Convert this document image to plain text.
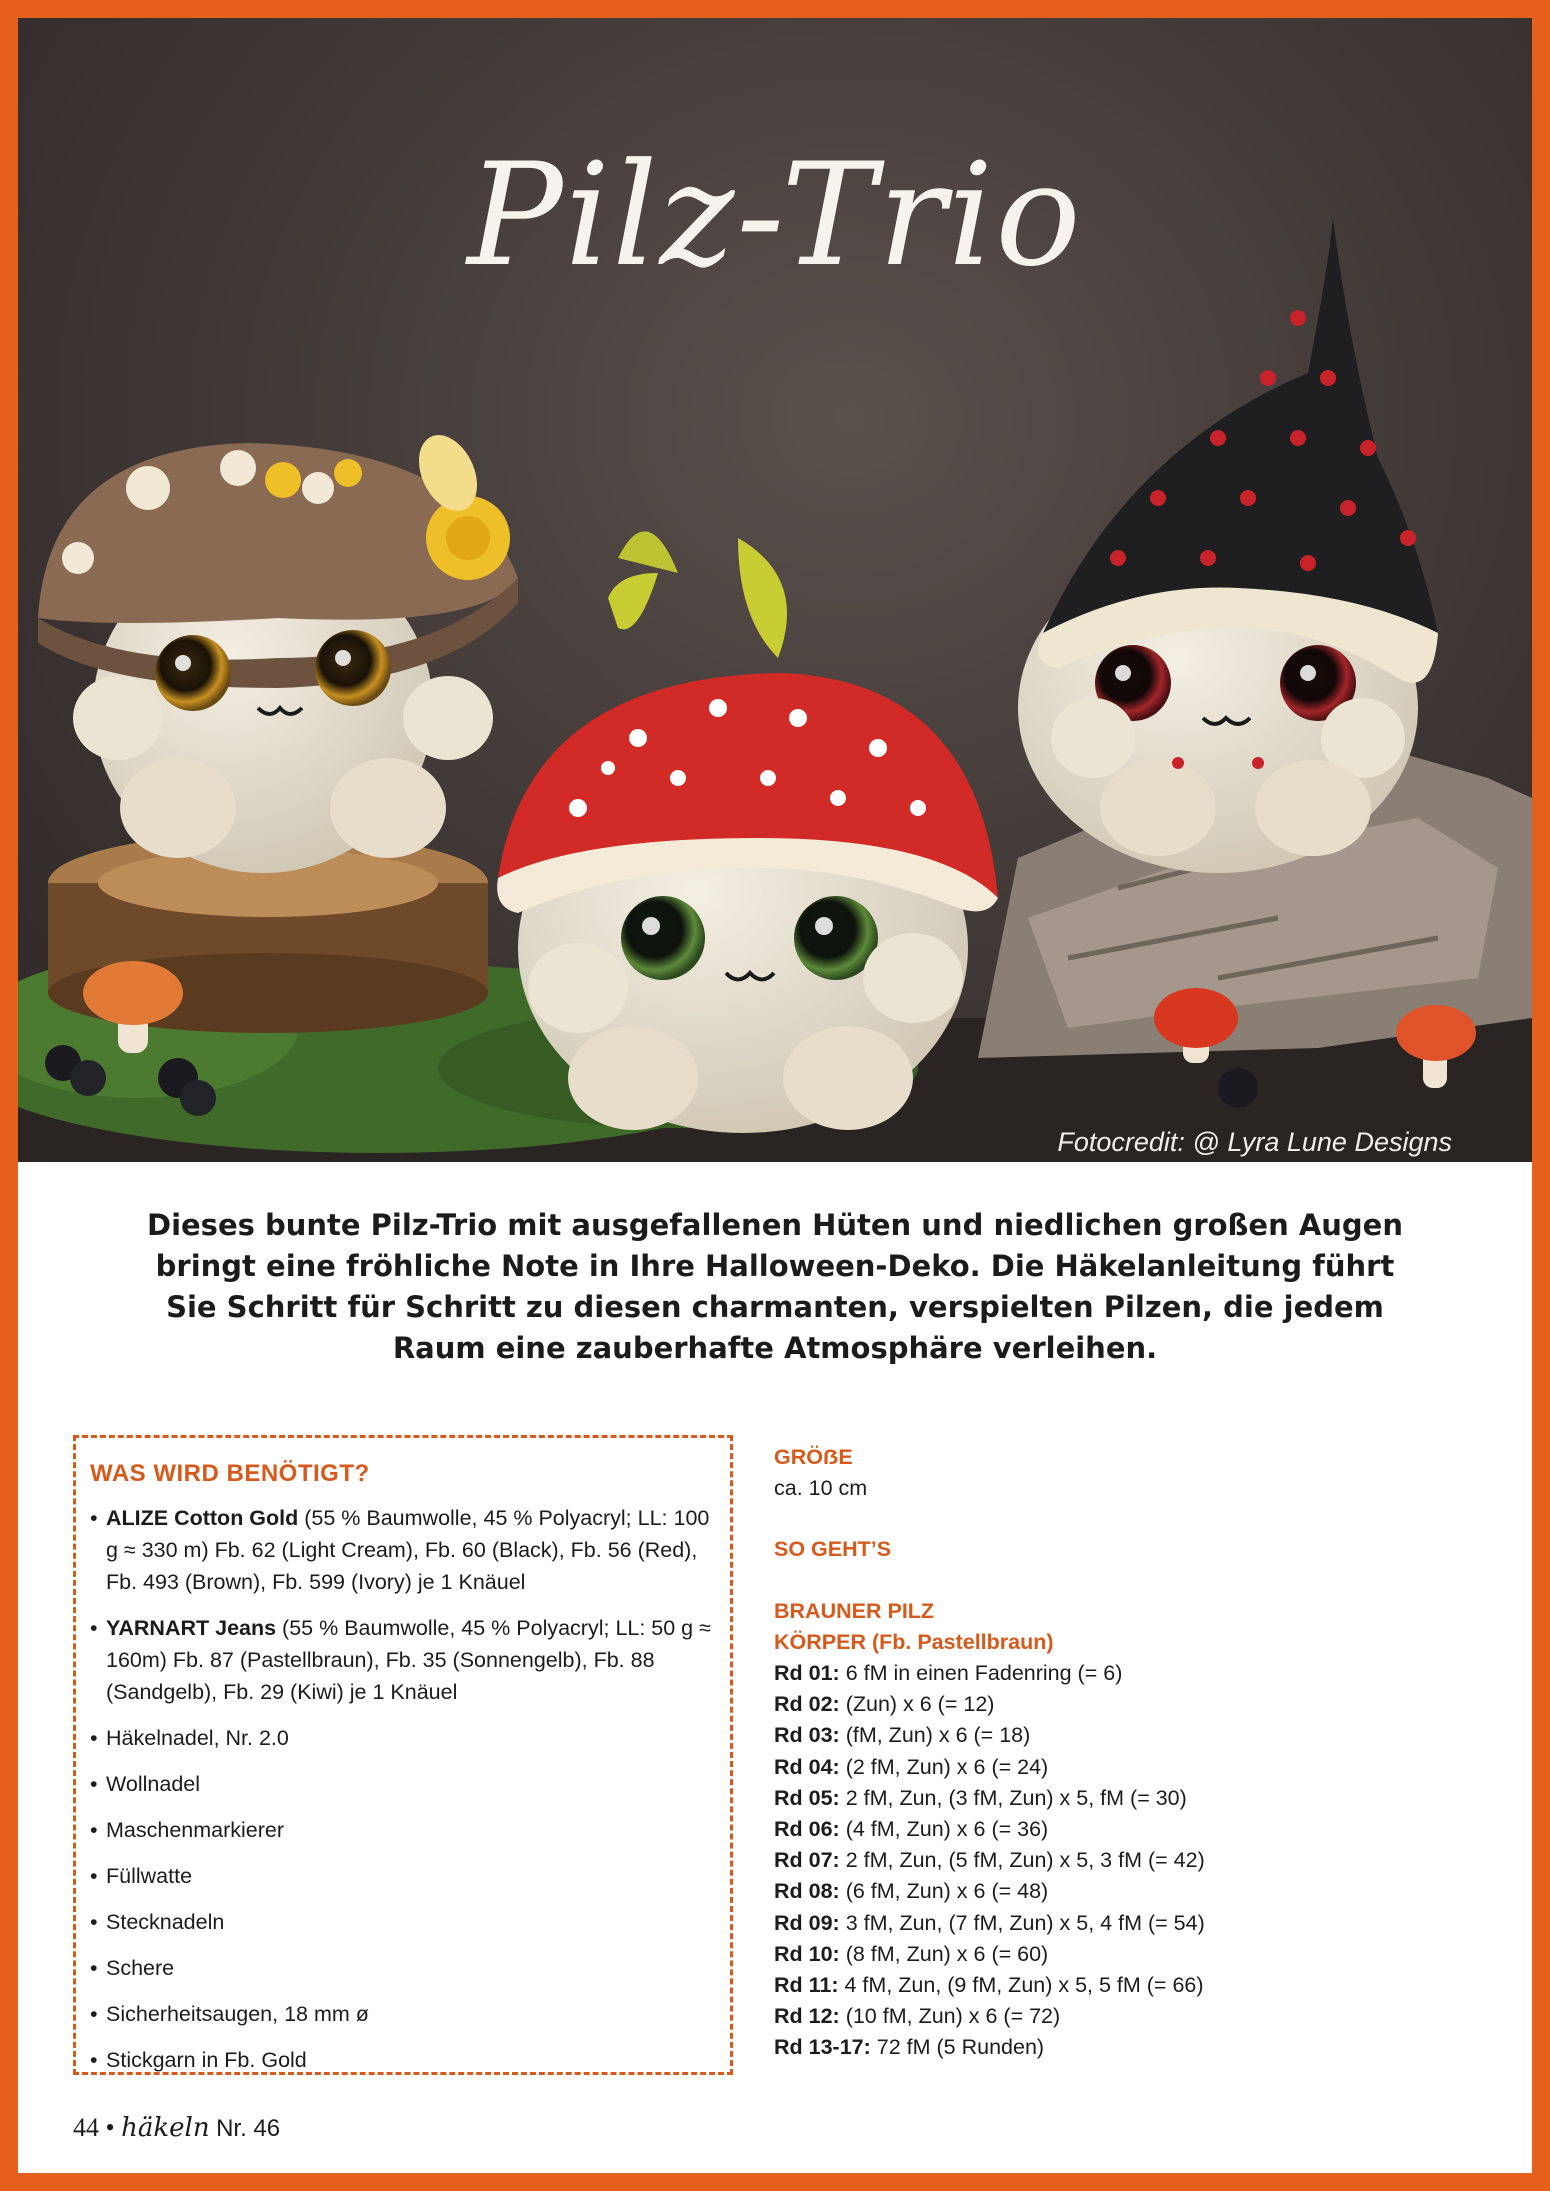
Pilz-Trio
Fotocredit: @ Lyra Lune Designs
Dieses bunte Pilz-Trio mit ausgefallenen Hüten und niedlichen großen Augen bringt eine fröhliche Note in Ihre Halloween-Deko. Die Häkelanleitung führt Sie Schritt für Schritt zu diesen charmanten, verspielten Pilzen, die jedem Raum eine zauberhafte Atmosphäre verleihen.
WAS WIRD BENÖTIGT?
• ALIZE Cotton Gold (55 % Baumwolle, 45 % Polyacryl; LL: 100 g ≈ 330 m) Fb. 62 (Light Cream), Fb. 60 (Black), Fb. 56 (Red), Fb. 493 (Brown), Fb. 599 (Ivory) je 1 Knäuel
• YARNART Jeans (55 % Baumwolle, 45 % Polyacryl; LL: 50 g ≈ 160m) Fb. 87 (Pastellbraun), Fb. 35 (Sonnengelb), Fb. 88 (Sandgelb), Fb. 29 (Kiwi) je 1 Knäuel
• Häkelnadel, Nr. 2.0
• Wollnadel
• Maschenmarkierer
• Füllwatte
• Stecknadeln
• Schere
• Sicherheitsaugen, 18 mm ø
• Stickgarn in Fb. Gold
GRÖẞE
ca. 10 cm
SO GEHT’S
BRAUNER PILZ
KÖRPER (Fb. Pastellbraun)
Rd 01: 6 fM in einen Fadenring (= 6)
Rd 02: (Zun) x 6 (= 12)
Rd 03: (fM, Zun) x 6 (= 18)
Rd 04: (2 fM, Zun) x 6 (= 24)
Rd 05: 2 fM, Zun, (3 fM, Zun) x 5, fM (= 30)
Rd 06: (4 fM, Zun) x 6 (= 36)
Rd 07: 2 fM, Zun, (5 fM, Zun) x 5, 3 fM (= 42)
Rd 08: (6 fM, Zun) x 6 (= 48)
Rd 09: 3 fM, Zun, (7 fM, Zun) x 5, 4 fM (= 54)
Rd 10: (8 fM, Zun) x 6 (= 60)
Rd 11: 4 fM, Zun, (9 fM, Zun) x 5, 5 fM (= 66)
Rd 12: (10 fM, Zun) x 6 (= 72)
Rd 13-17: 72 fM (5 Runden)
44 • häkeln Nr. 46
